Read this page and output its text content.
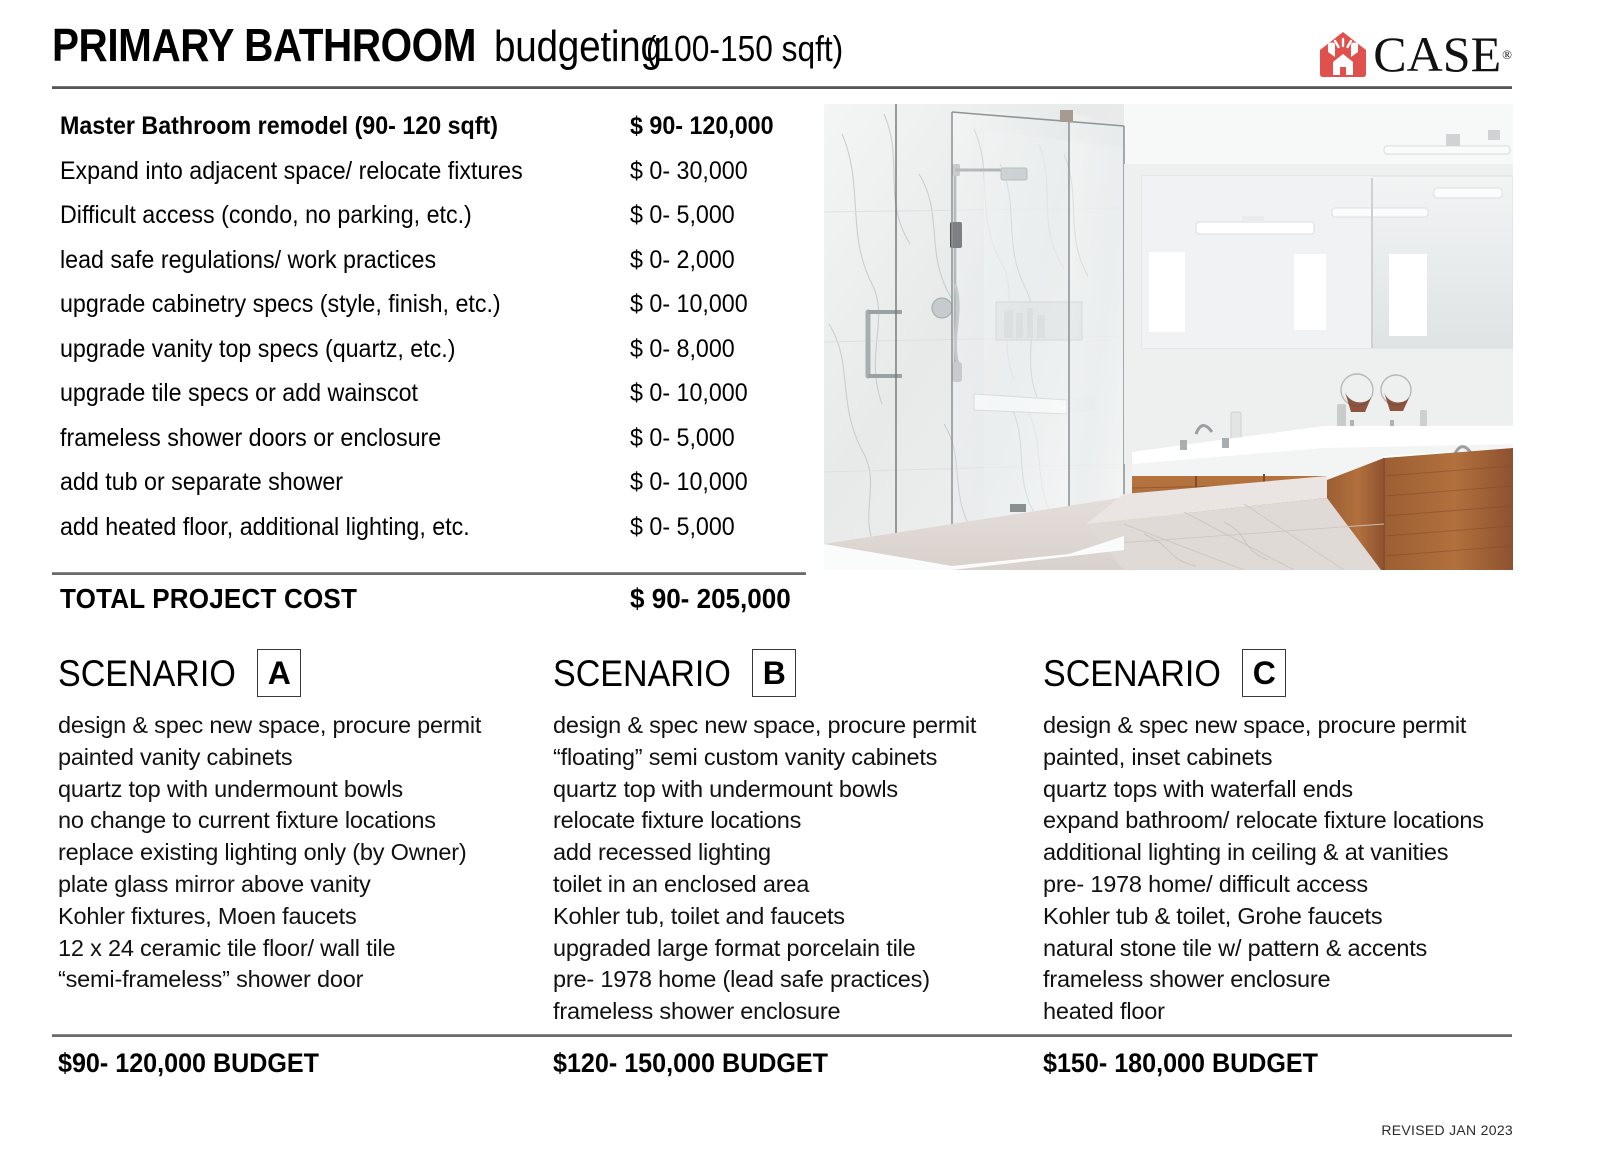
PRIMARY BATHROOM budgeting
(100-150 sqft)	CASE ®
Master Bathroom remodel (90- 120 sqft)	$ 90- 120,000
Expand into adjacent space/ relocate fixtures	$ 0- 30,000
Difficult access (condo, no parking, etc.)	$ 0- 5,000
lead safe regulations/ work practices	$ 0- 2,000
upgrade cabinetry specs (style, finish, etc.)	$ 0- 10,000
upgrade vanity top specs (quartz, etc.)	$ 0- 8,000
upgrade tile specs or add wainscot	$ 0- 10,000
frameless shower doors or enclosure	$ 0- 5,000
add tub or separate shower	$ 0- 10,000
add heated floor, additional lighting, etc.	$ 0- 5,000
TOTAL PROJECT COST	$ 90- 205,000
SCENARIO A
design & spec new space, procure permit
painted vanity cabinets
quartz top with undermount bowls
no change to current fixture locations
replace existing lighting only (by Owner)
plate glass mirror above vanity
Kohler fixtures, Moen faucets
12 x 24 ceramic tile floor/ wall tile
“semi-frameless” shower door
SCENARIO B
design & spec new space, procure permit
“floating” semi custom vanity cabinets
quartz top with undermount bowls
relocate fixture locations
add recessed lighting
toilet in an enclosed area
Kohler tub, toilet and faucets
upgraded large format porcelain tile
pre- 1978 home (lead safe practices)
frameless shower enclosure
SCENARIO C
design & spec new space, procure permit
painted, inset cabinets
quartz tops with waterfall ends
expand bathroom/ relocate fixture locations
additional lighting in ceiling & at vanities
pre- 1978 home/ difficult access
Kohler tub & toilet, Grohe faucets
natural stone tile w/ pattern & accents
frameless shower enclosure
heated floor
$90- 120,000 BUDGET	$120- 150,000 BUDGET	$150- 180,000 BUDGET
REVISED JAN 2023
